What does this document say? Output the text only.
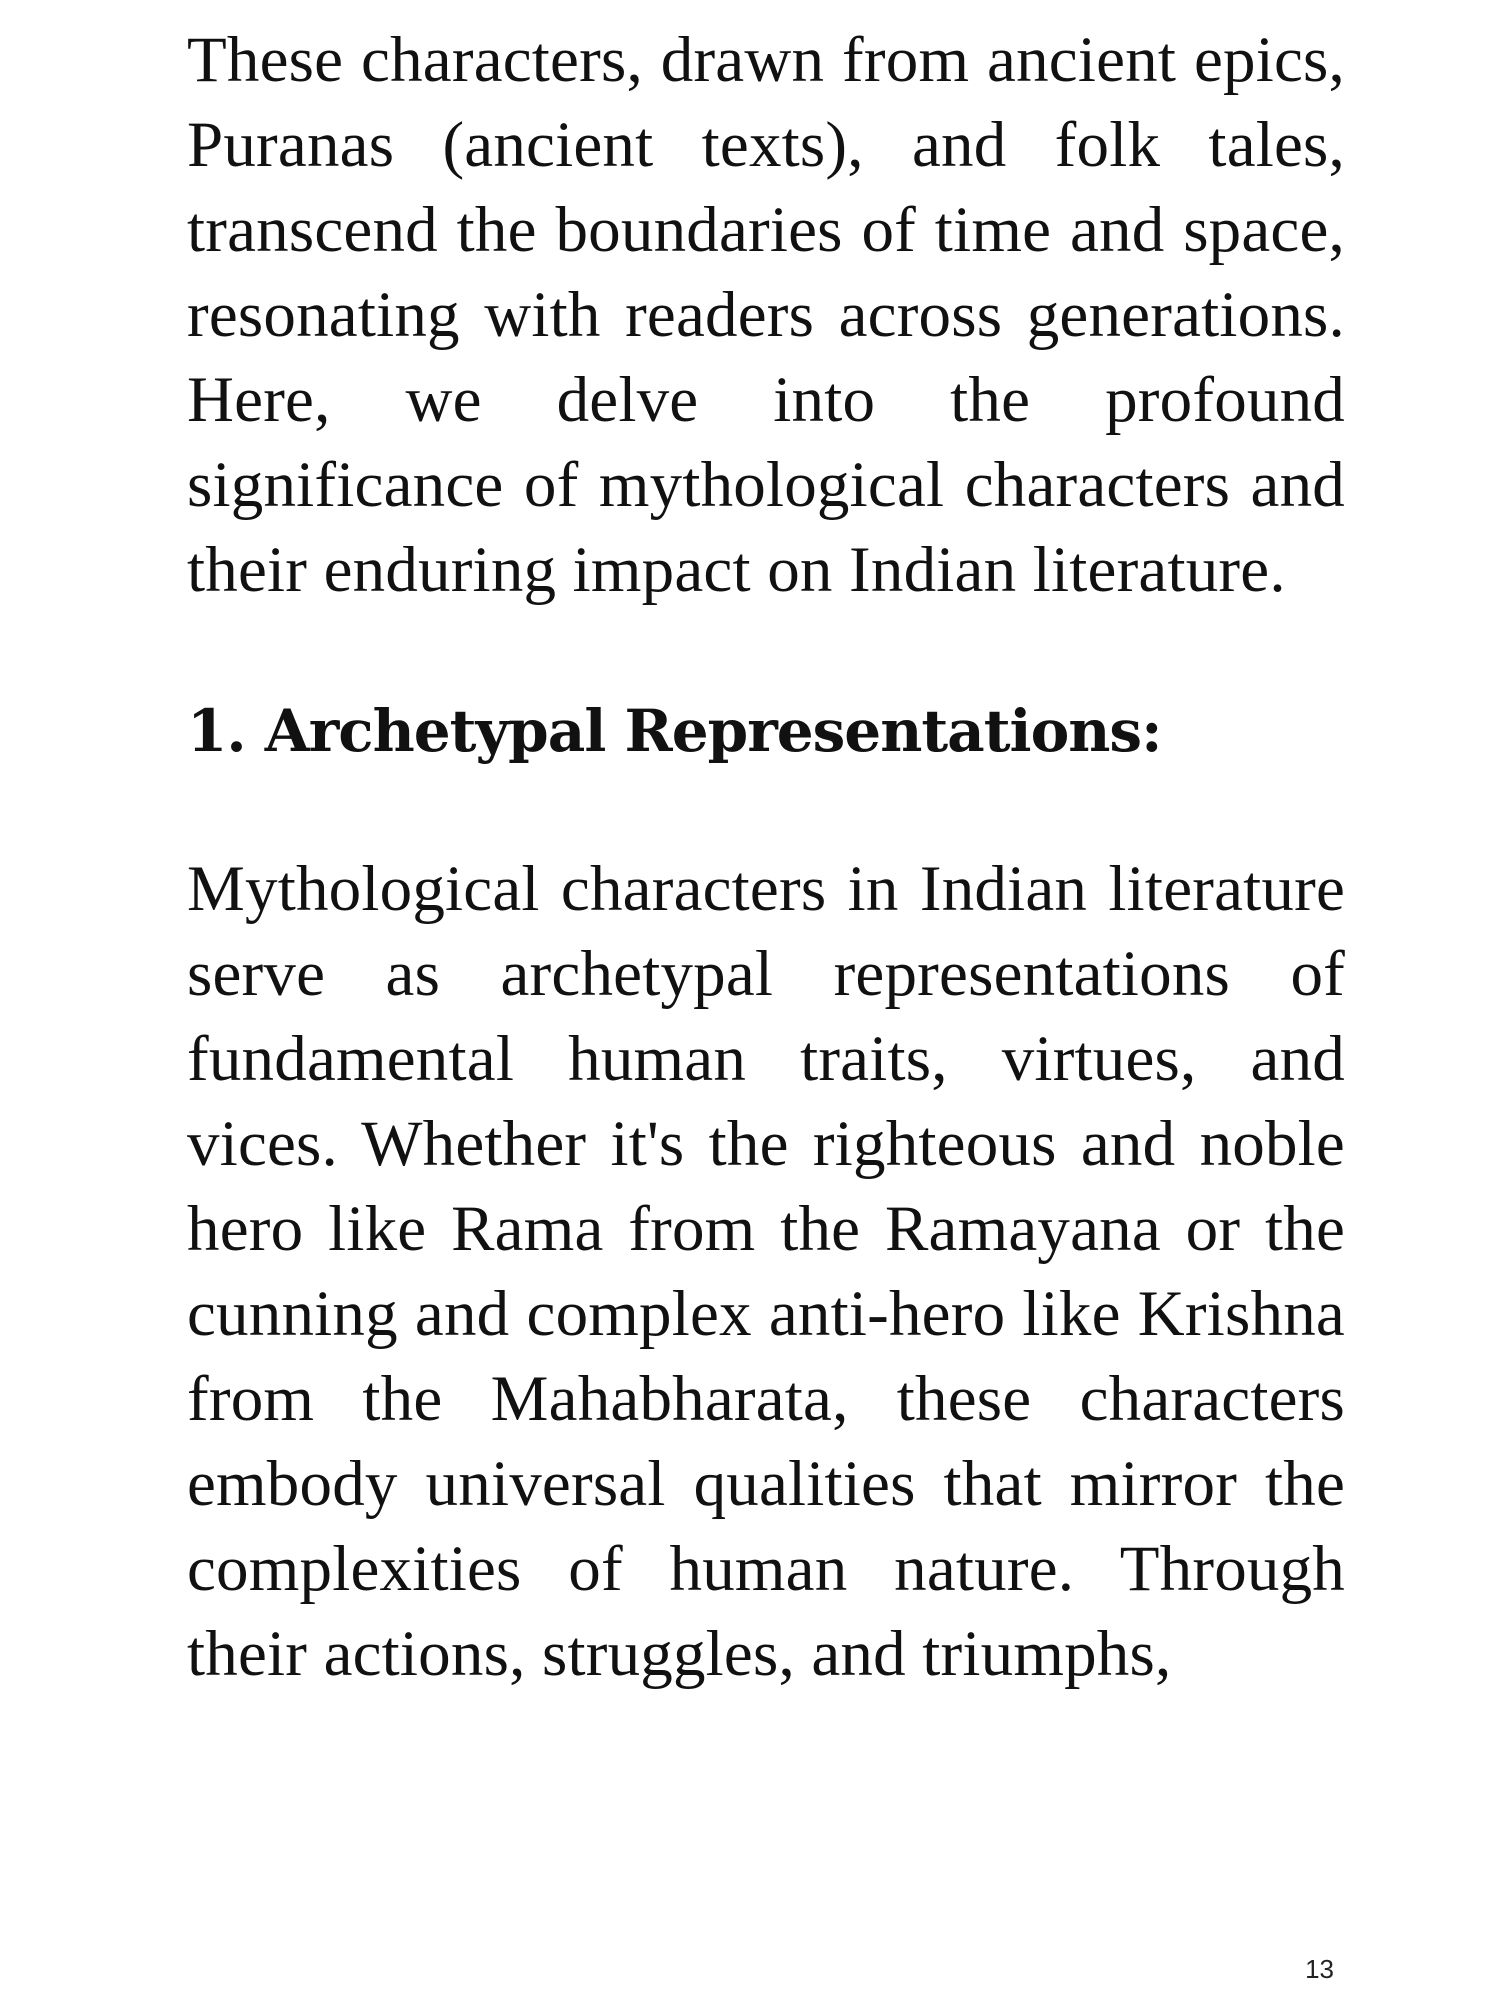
These characters, drawn from ancient epics, Puranas (ancient texts), and folk tales, transcend the boundaries of time and space, resonating with readers across generations. Here, we delve into the profound significance of mythological characters and their enduring impact on Indian literature.

1. Archetypal Representations:

Mythological characters in Indian literature serve as archetypal representations of fundamental human traits, virtues, and vices. Whether it's the righteous and noble hero like Rama from the Ramayana or the cunning and complex anti-hero like Krishna from the Mahabharata, these characters embody universal qualities that mirror the complexities of human nature. Through their actions, struggles, and triumphs,

13
